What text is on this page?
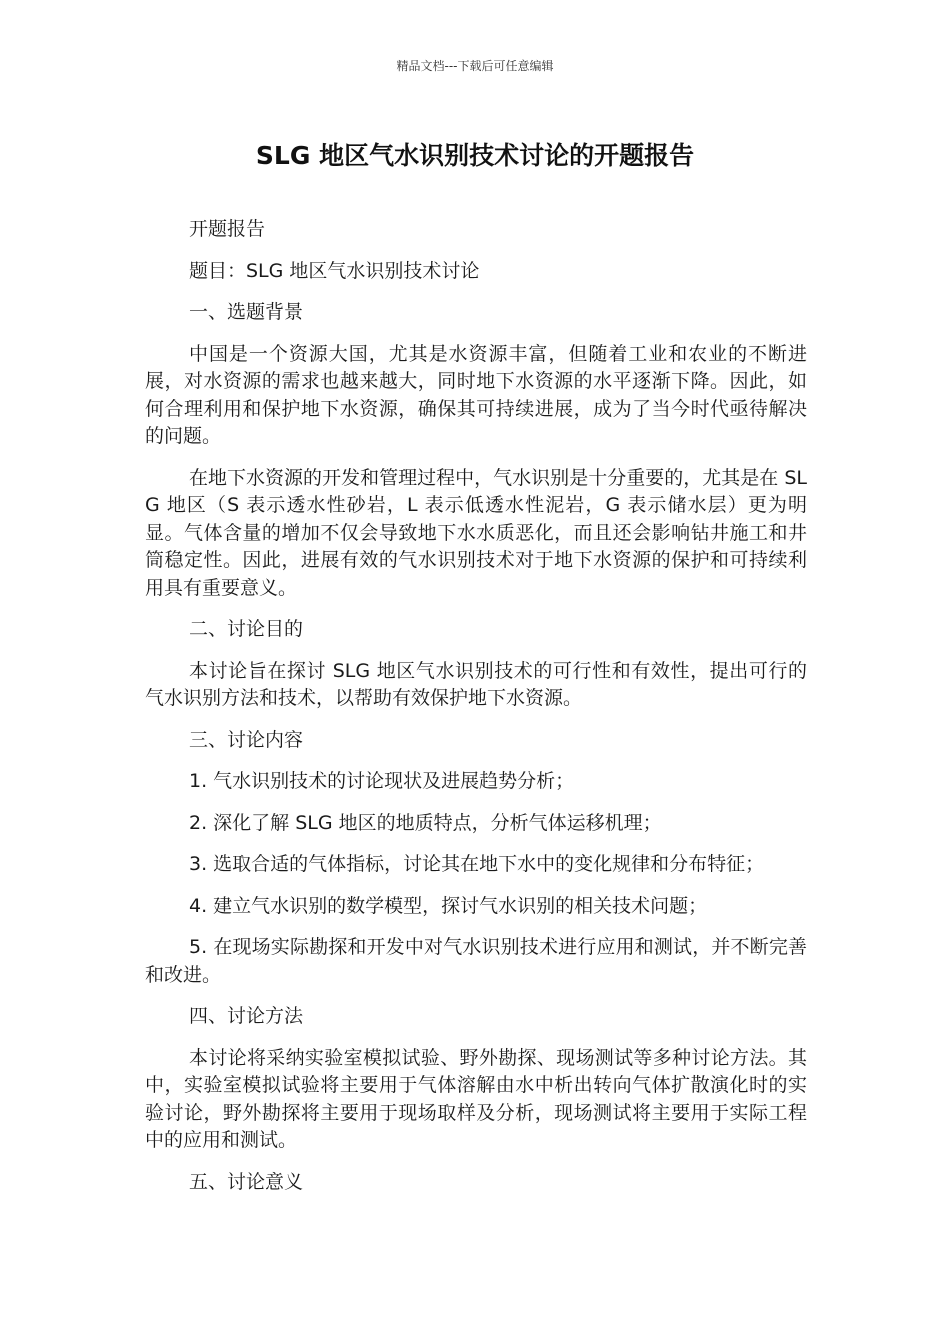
精品文档---下载后可任意编辑
SLG 地区气水识别技术讨论的开题报告

开题报告

题目：SLG 地区气水识别技术讨论

一、选题背景

中国是一个资源大国，尤其是水资源丰富，但随着工业和农业的不断进展，对水资源的需求也越来越大，同时地下水资源的水平逐渐下降。因此，如何合理利用和保护地下水资源，确保其可持续进展，成为了当今时代亟待解决的问题。

在地下水资源的开发和管理过程中，气水识别是十分重要的，尤其是在 SLG 地区（S 表示透水性砂岩，L 表示低透水性泥岩，G 表示储水层）更为明显。气体含量的增加不仅会导致地下水水质恶化，而且还会影响钻井施工和井筒稳定性。因此，进展有效的气水识别技术对于地下水资源的保护和可持续利用具有重要意义。

二、讨论目的

本讨论旨在探讨 SLG 地区气水识别技术的可行性和有效性，提出可行的气水识别方法和技术，以帮助有效保护地下水资源。

三、讨论内容

1. 气水识别技术的讨论现状及进展趋势分析；

2. 深化了解 SLG 地区的地质特点，分析气体运移机理；

3. 选取合适的气体指标，讨论其在地下水中的变化规律和分布特征；

4. 建立气水识别的数学模型，探讨气水识别的相关技术问题；

5. 在现场实际勘探和开发中对气水识别技术进行应用和测试，并不断完善和改进。

四、讨论方法

本讨论将采纳实验室模拟试验、野外勘探、现场测试等多种讨论方法。其中，实验室模拟试验将主要用于气体溶解由水中析出转向气体扩散演化时的实验讨论，野外勘探将主要用于现场取样及分析，现场测试将主要用于实际工程中的应用和测试。

五、讨论意义
